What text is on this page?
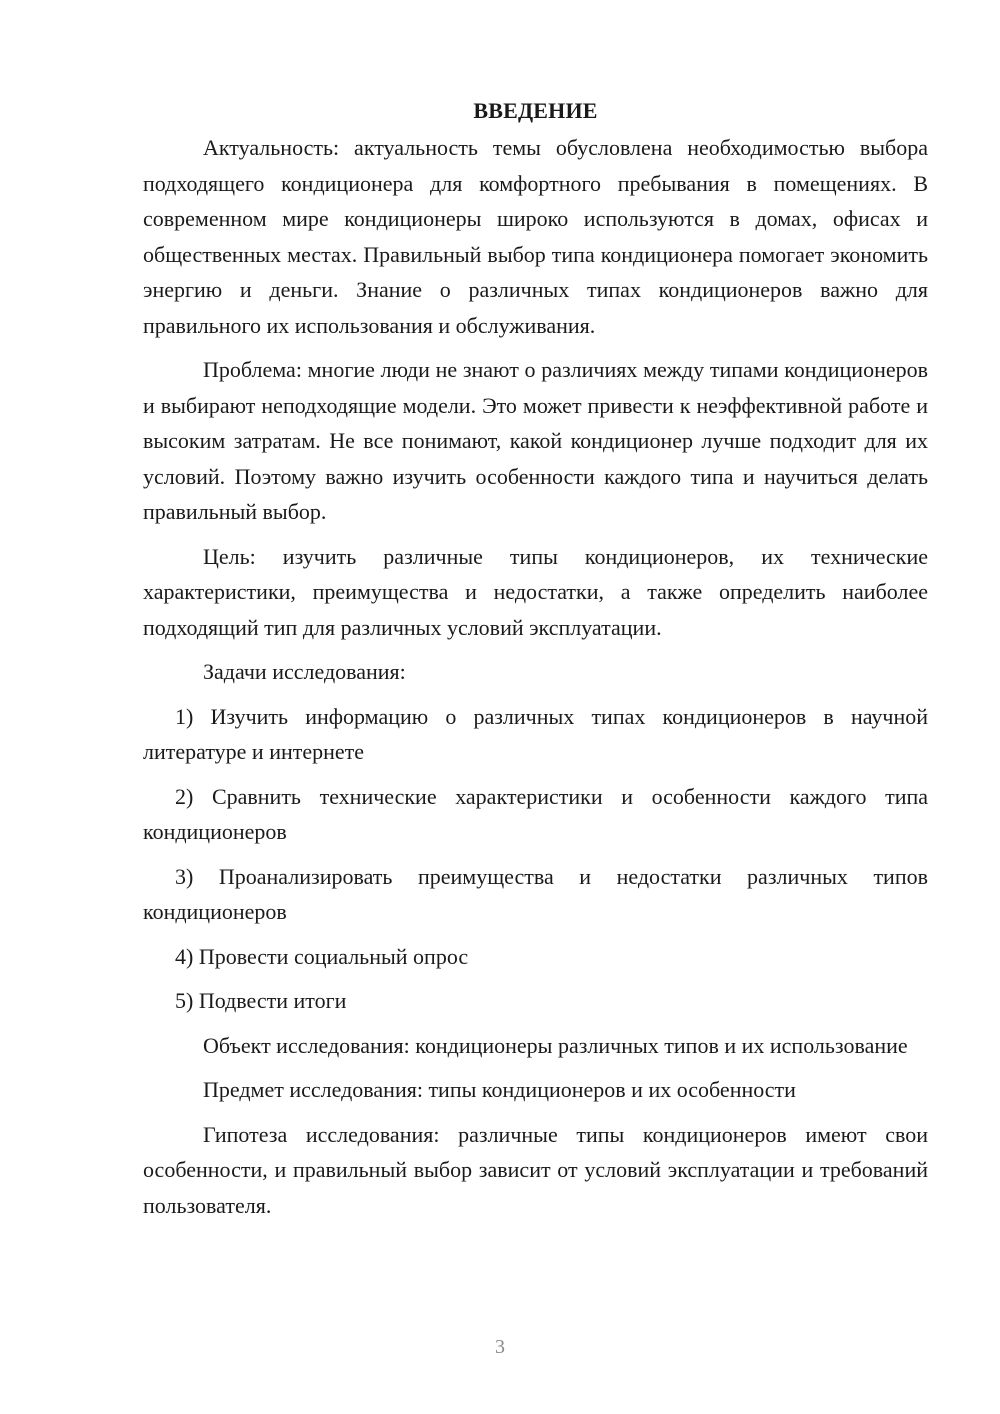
ВВЕДЕНИЕ

Актуальность: актуальность темы обусловлена необходимостью выбора подходящего кондиционера для комфортного пребывания в помещениях. В современном мире кондиционеры широко используются в домах, офисах и общественных местах. Правильный выбор типа кондиционера помогает экономить энергию и деньги. Знание о различных типах кондиционеров важно для правильного их использования и обслуживания.

Проблема: многие люди не знают о различиях между типами кондиционеров и выбирают неподходящие модели. Это может привести к неэффективной работе и высоким затратам. Не все понимают, какой кондиционер лучше подходит для их условий. Поэтому важно изучить особенности каждого типа и научиться делать правильный выбор.

Цель: изучить различные типы кондиционеров, их технические характеристики, преимущества и недостатки, а также определить наиболее подходящий тип для различных условий эксплуатации.

Задачи исследования:

1) Изучить информацию о различных типах кондиционеров в научной литературе и интернете

2) Сравнить технические характеристики и особенности каждого типа кондиционеров

3) Проанализировать преимущества и недостатки различных типов кондиционеров

4) Провести социальный опрос

5) Подвести итоги

Объект исследования: кондиционеры различных типов и их использование

Предмет исследования: типы кондиционеров и их особенности

Гипотеза исследования: различные типы кондиционеров имеют свои особенности, и правильный выбор зависит от условий эксплуатации и требований пользователя.

3
